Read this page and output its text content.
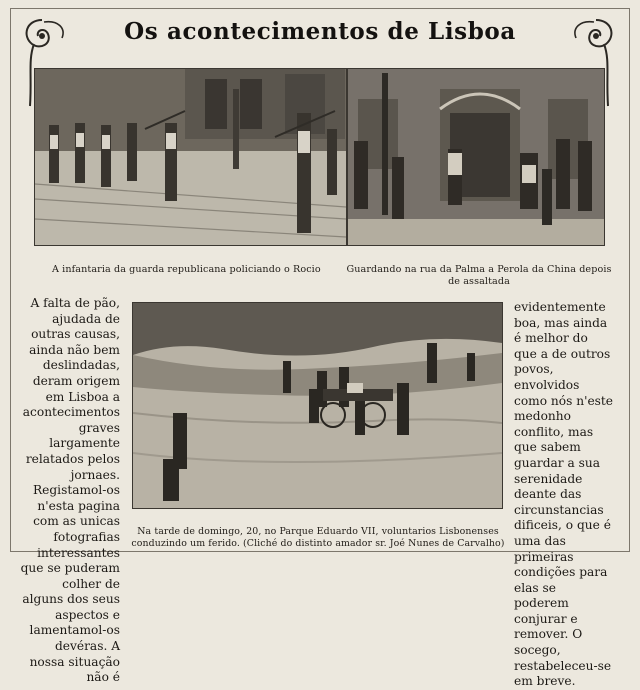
Os acontecimentos de Lisboa
A infantaria da guarda republicana policiando o Rocio	Guardando na rua da Palma a Perola da China depois de assaltada
A falta de pão, ajudada de outras causas, ainda não bem deslindadas, deram origem em Lisboa a acontecimentos graves largamente relatados pelos jornaes. Registamol-os n'esta pagina com as unicas fotografias interessantes que se puderam colher de alguns dos seus aspectos e lamentamol-os devéras. A nossa situação não é
Na tarde de domingo, 20, no Parque Eduardo VII, voluntarios Lisbonenses conduzindo um ferido. (Cliché do distinto amador sr. Joé Nunes de Carvalho)
evidentemente boa, mas ainda é melhor do que a de outros povos, envolvidos como nós n'este medonho conflito, mas que sabem guardar a sua serenidade deante das circunstancias dificeis, o que é uma das primeiras condições para elas se poderem conjurar e remover. O socego, restabeleceu-se em breve.
